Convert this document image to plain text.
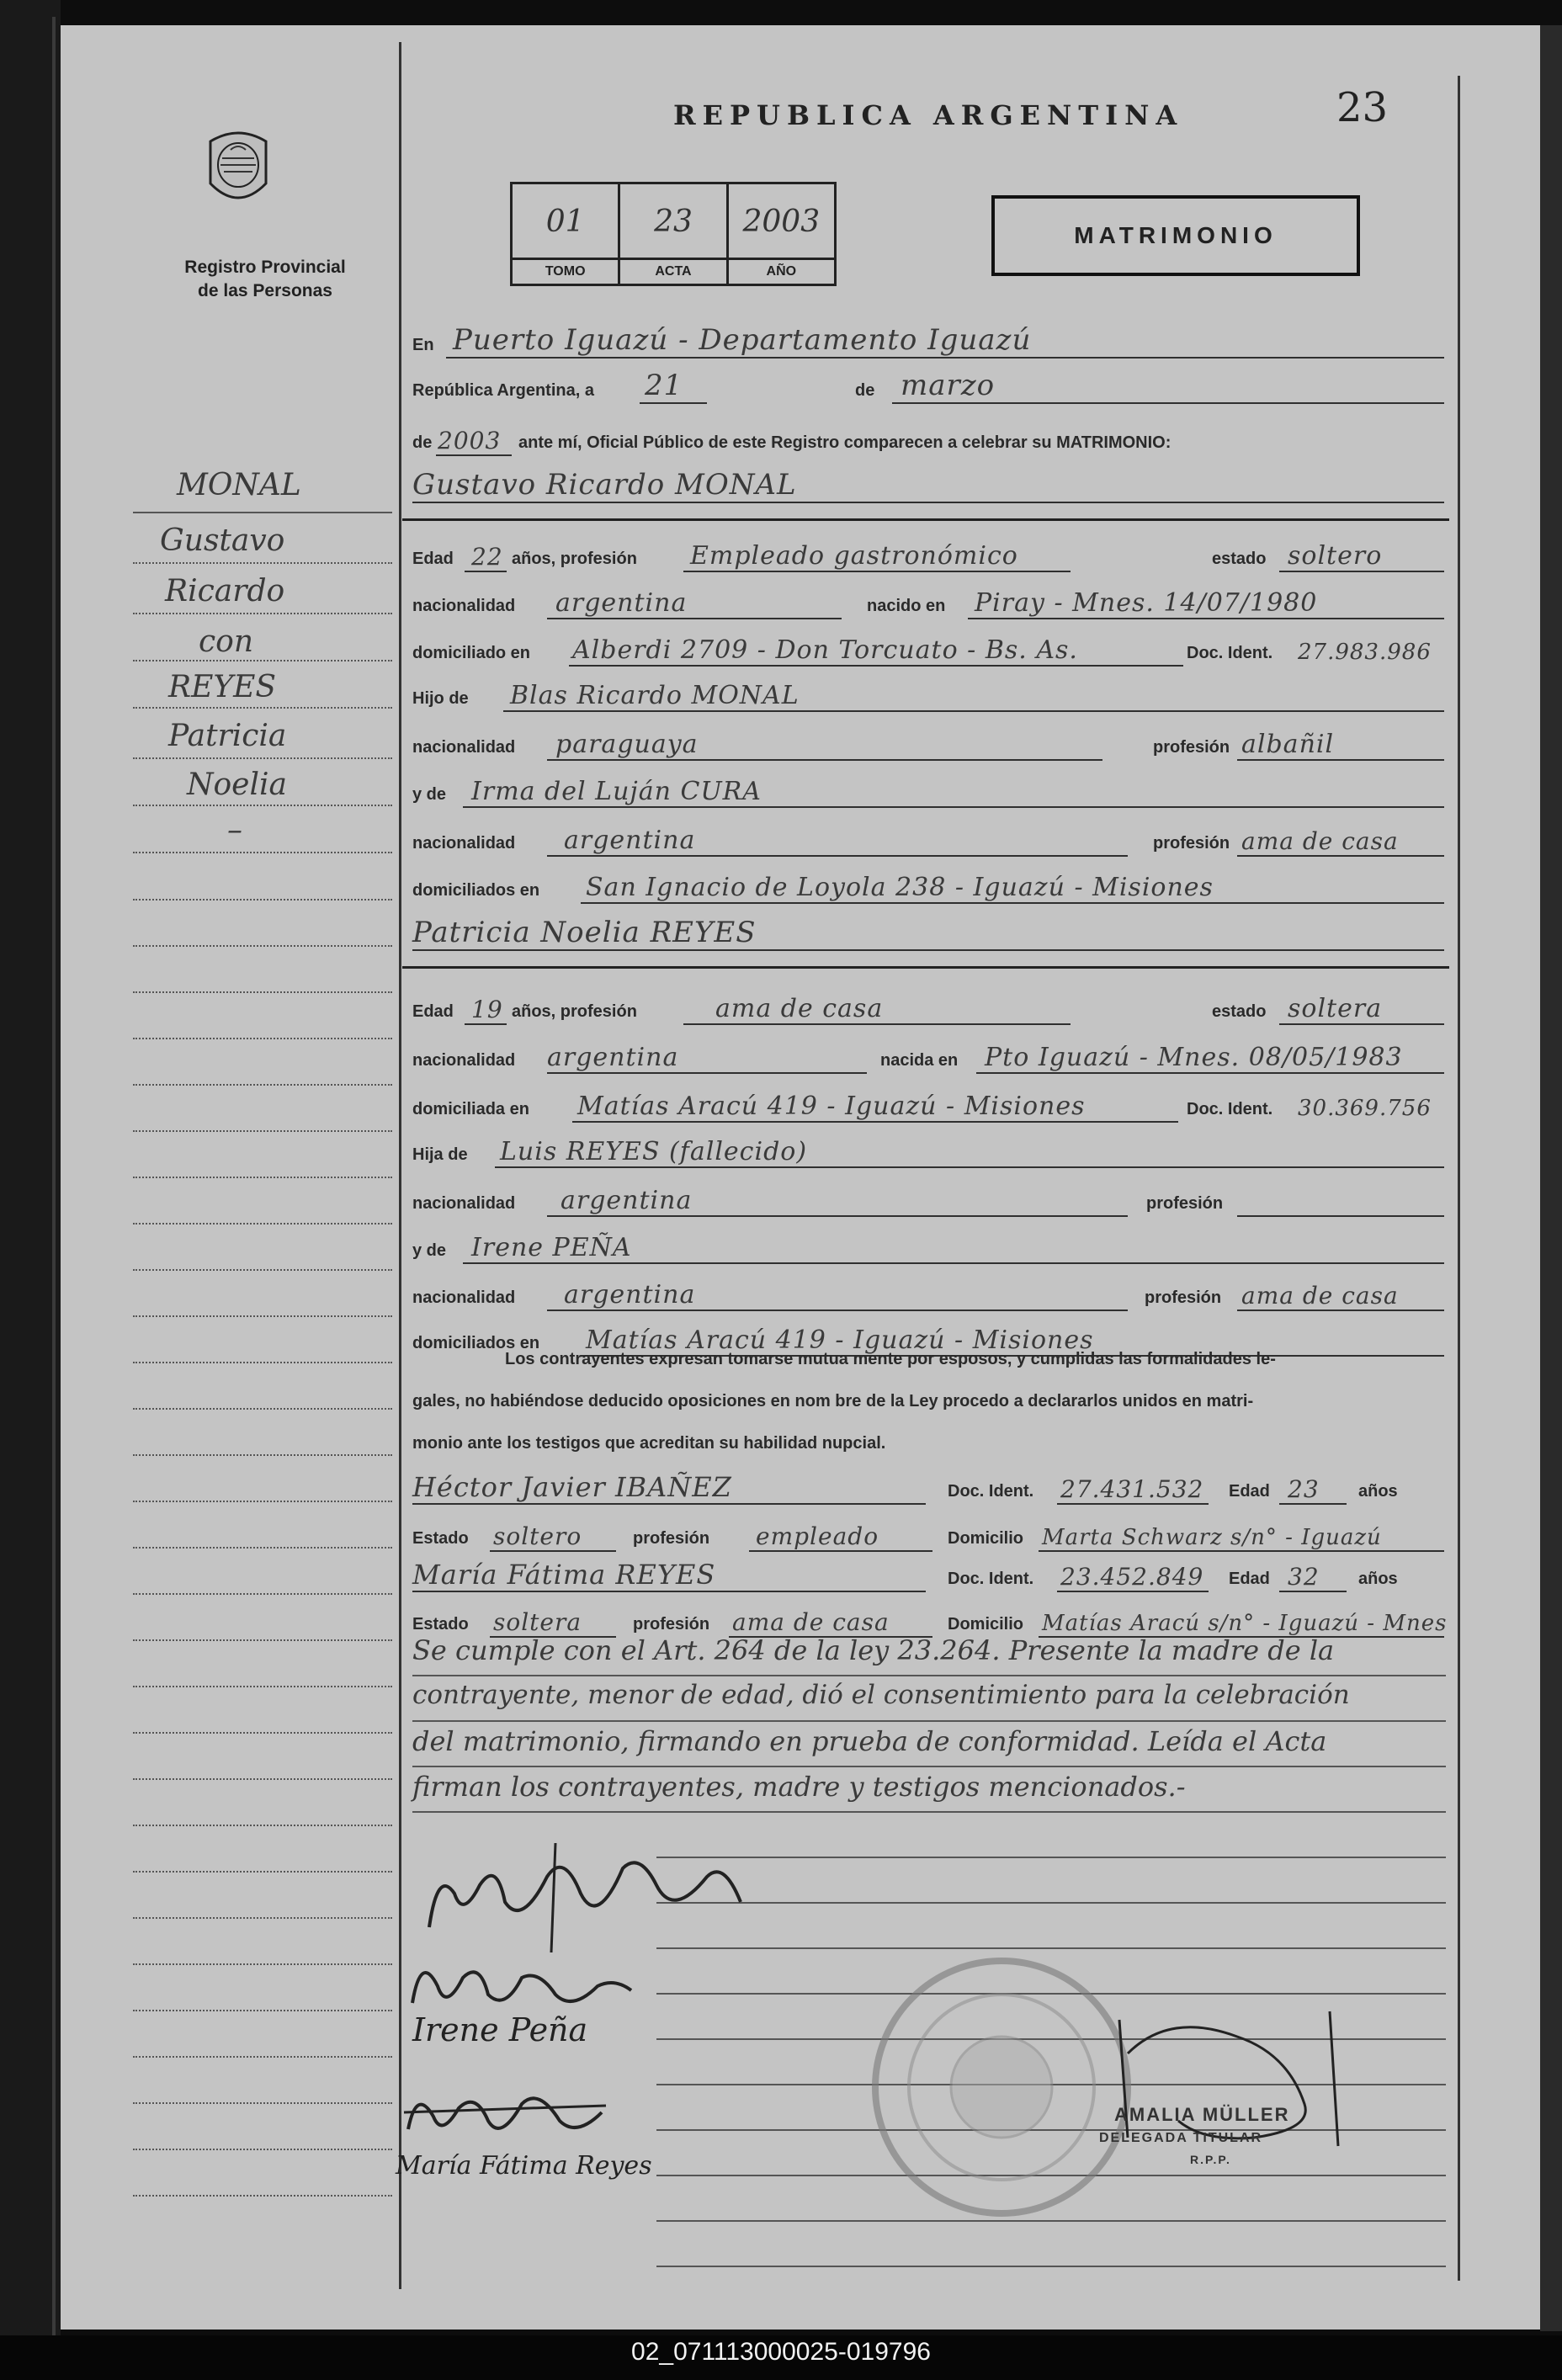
Registro Provincial
de las Personas
REPUBLICA ARGENTINA	23
01
TOMO
23
ACTA
2003
AÑO
MATRIMONIO
MONAL
Gustavo
Ricardo
con
REYES
Patricia
Noelia
–
En Puerto Iguazú - Departamento Iguazú
República Argentina, a 21	de marzo
de 2003 ante mí, Oficial Público de este Registro comparecen a celebrar su MATRIMONIO:
Gustavo Ricardo MONAL
Edad 22 años, profesión Empleado gastronómico	estado soltero
nacionalidad argentina	nacido en Piray - Mnes. 14/07/1980
domiciliado en Alberdi 2709 - Don Torcuato - Bs. As.	Doc. Ident. 27.983.986
Hijo de Blas Ricardo MONAL
nacionalidad paraguaya	profesión albañil
y de Irma del Luján CURA
nacionalidad argentina	profesión ama de casa
domiciliados en San Ignacio de Loyola 238 - Iguazú - Misiones
Patricia Noelia REYES
Edad 19 años, profesión	ama de casa	estado soltera
nacionalidad argentina	nacida en Pto Iguazú - Mnes. 08/05/1983
domiciliada en Matías Aracú 419 - Iguazú - Misiones	Doc. Ident. 30.369.756
Hija de Luis REYES (fallecido)
nacionalidad argentina	profesión
y de Irene PEÑA
nacionalidad argentina	profesión ama de casa
domiciliados en Matías Aracú 419 - Iguazú - Misiones
Los contrayentes expresan tomarse mutua mente por esposos, y cumplidas las formalidades le-
gales, no habiéndose deducido oposiciones en nom bre de la Ley procedo a declararlos unidos en matri-
monio ante los testigos que acreditan su habilidad nupcial.
Héctor Javier IBAÑEZ	Doc. Ident. 27.431.532 Edad 23 años
Estado soltero	profesión empleado	Domicilio Marta Schwarz s/n° - Iguazú
María Fátima REYES	Doc. Ident. 23.452.849 Edad 32 años
Estado soltera	profesión ama de casa	Domicilio Matías Aracú s/n° - Iguazú - Mnes
Se cumple con el Art. 264 de la ley 23.264. Presente la madre de la
contrayente, menor de edad, dió el consentimiento para la celebración
del matrimonio, firmando en prueba de conformidad. Leída el Acta
firman los contrayentes, madre y testigos mencionados.-
Irene Peña
María Fátima Reyes
AMALIA MÜLLER
DELEGADA TITULAR
R.P.P.
02_071113000025-019796
